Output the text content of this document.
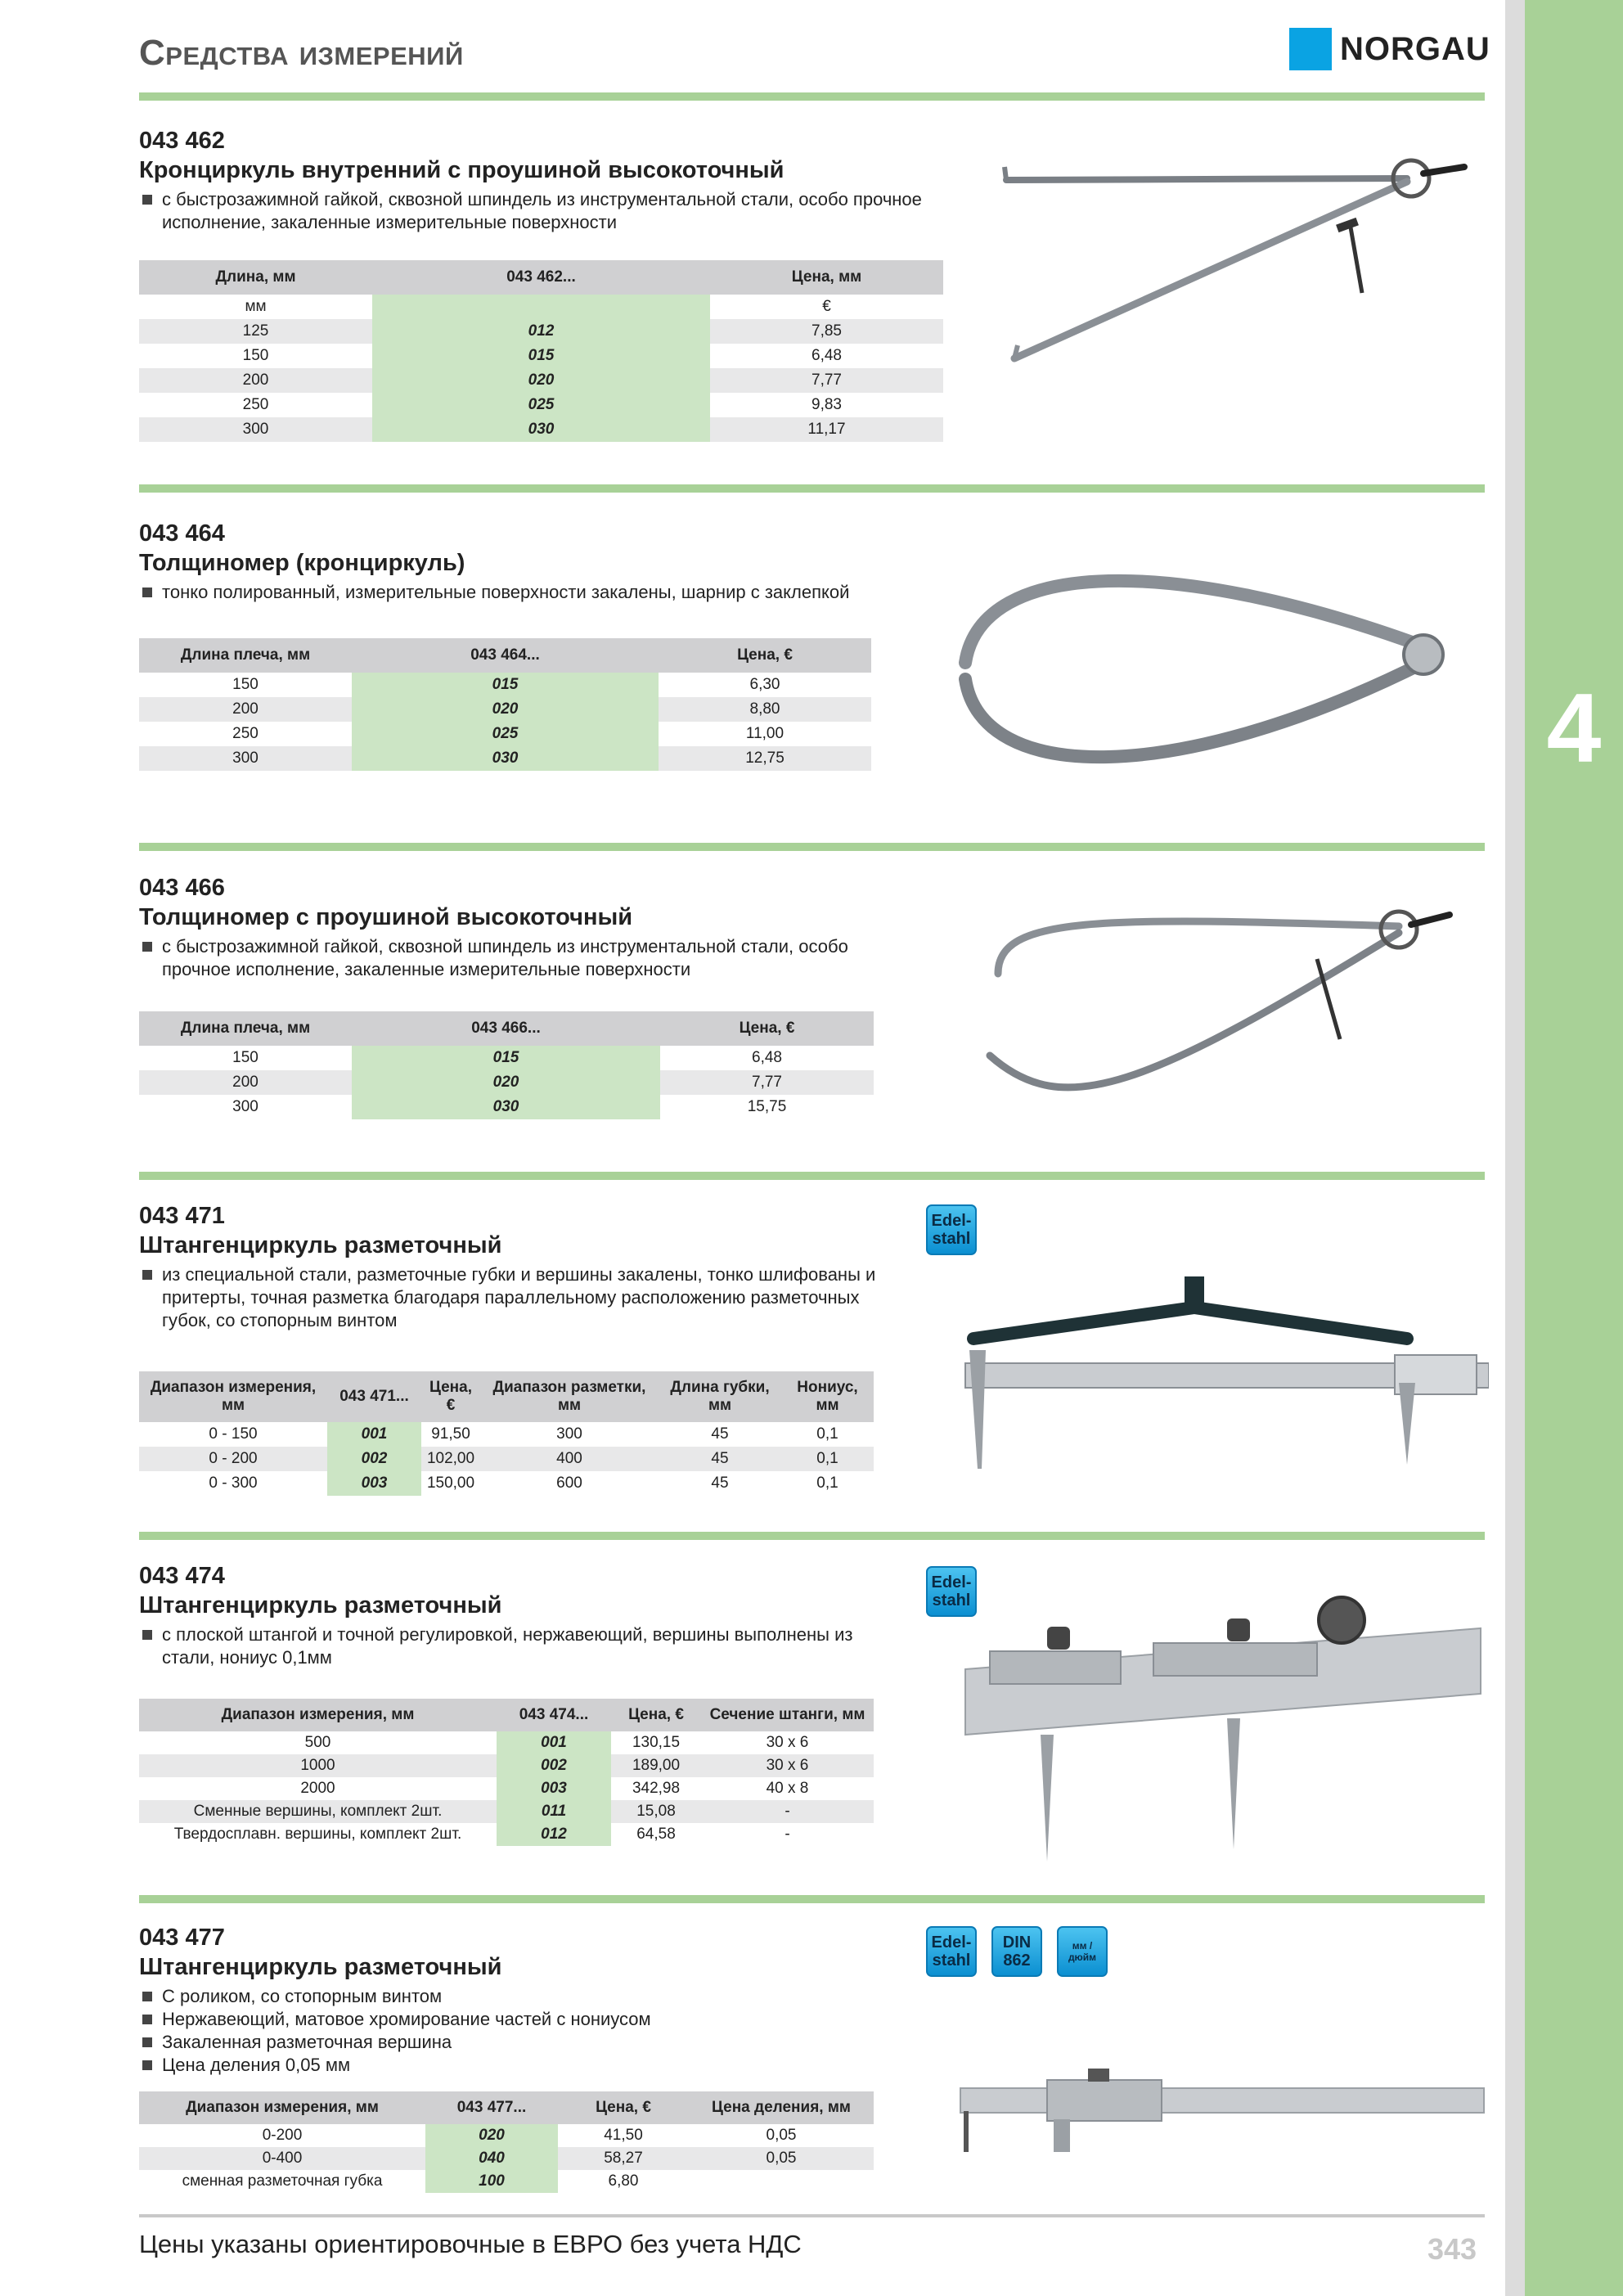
4
Средства измерений	NORGAU
043 462
Кронциркуль внутренний с проушиной высокоточный
с быстрозажимной гайкой, сквозной шпиндель из инструментальной стали, особо прочное исполнение, закаленные измерительные поверхности
Длина, мм	043 462...	Цена, мм
мм		€
125	012	7,85
150	015	6,48
200	020	7,77
250	025	9,83
300	030	11,17
043 464
Толщиномер (кронциркуль)
тонко полированный, измерительные поверхности закалены, шарнир с заклепкой
Длина плеча, мм	043 464...	Цена, €
150	015	6,30
200	020	8,80
250	025	11,00
300	030	12,75
043 466
Толщиномер с проушиной высокоточный
с быстрозажимной гайкой, сквозной шпиндель из инструментальной стали, особо прочное исполнение, закаленные измерительные поверхности
Длина плеча, мм	043 466...	Цена, €
150	015	6,48
200	020	7,77
300	030	15,75
043 471
Штангенциркуль разметочный
из специальной стали, разметочные губки и вершины закалены, тонко шлифованы и притерты, точная разметка благодаря параллельному расположению разметочных губок, со стопорным винтом
Edel-stahl
Диапазон измерения, мм	043 471...	Цена, €	Диапазон разметки, мм	Длина губки, мм	Нониус, мм
0 - 150	001	91,50	300	45	0,1
0 - 200	002	102,00	400	45	0,1
0 - 300	003	150,00	600	45	0,1
043 474
Штангенциркуль разметочный
с плоской штангой и точной регулировкой, нержавеющий, вершины выполнены из стали, нониус 0,1мм
Edel-stahl
Диапазон измерения, мм	043 474...	Цена, €	Сечение штанги, мм
500	001	130,15	30 x 6
1000	002	189,00	30 x 6
2000	003	342,98	40 x 8
Сменные вершины, комплект 2шт.	011	15,08	-
Твердосплавн. вершины, комплект 2шт.	012	64,58	-
043 477
Штангенциркуль разметочный
С роликом, со стопорным винтом
Нержавеющий, матовое хромирование частей с нониусом
Закаленная разметочная вершина
Цена деления 0,05 мм
Edel-stahl
DIN 862
мм / дюйм
Диапазон измерения, мм	043 477...	Цена, €	Цена деления, мм
0-200	020	41,50	0,05
0-400	040	58,27	0,05
сменная разметочная губка	100	6,80	
Цены указаны ориентировочные в ЕВРО без учета НДС	343
